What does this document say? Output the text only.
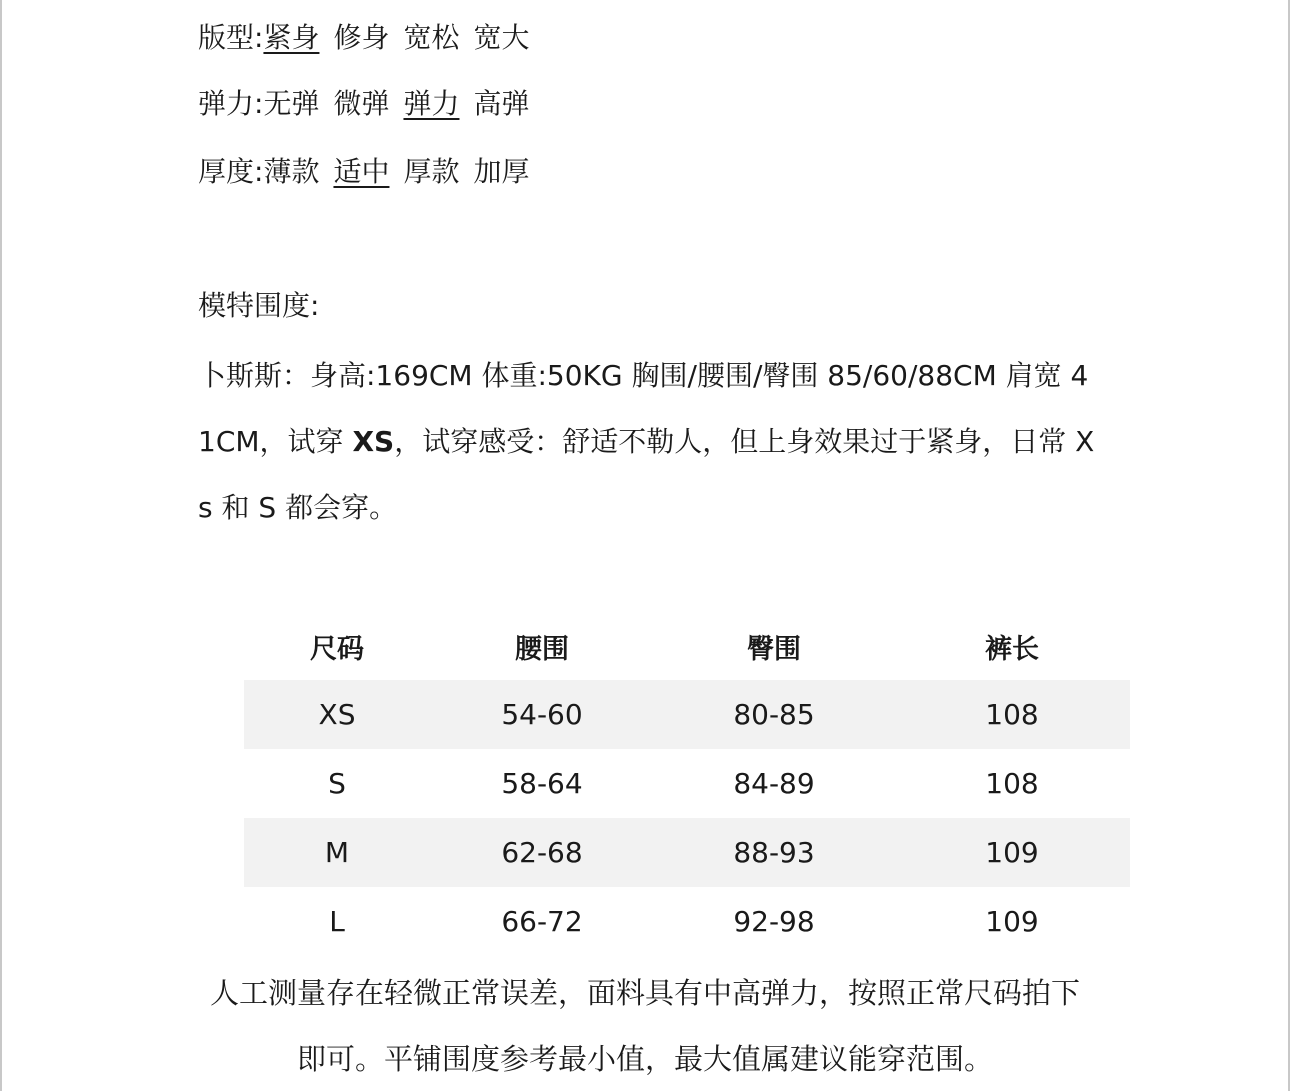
版型:紧身 修身 宽松 宽大
弹力:无弹 微弹 弹力 高弹
厚度:薄款 适中 厚款 加厚
模特围度:
卜斯斯：身高:169CM 体重:50KG 胸围/腰围/臀围 85/60/88CM 肩宽 41CM，试穿 XS，试穿感受：舒适不勒人，但上身效果过于紧身，日常 Xs 和 S 都会穿。
尺码	腰围	臀围	裤长
XS	54-60	80-85	108
S	58-64	84-89	108
M	62-68	88-93	109
L	66-72	92-98	109
人工测量存在轻微正常误差，面料具有中高弹力，按照正常尺码拍下即可。平铺围度参考最小值，最大值属建议能穿范围。
